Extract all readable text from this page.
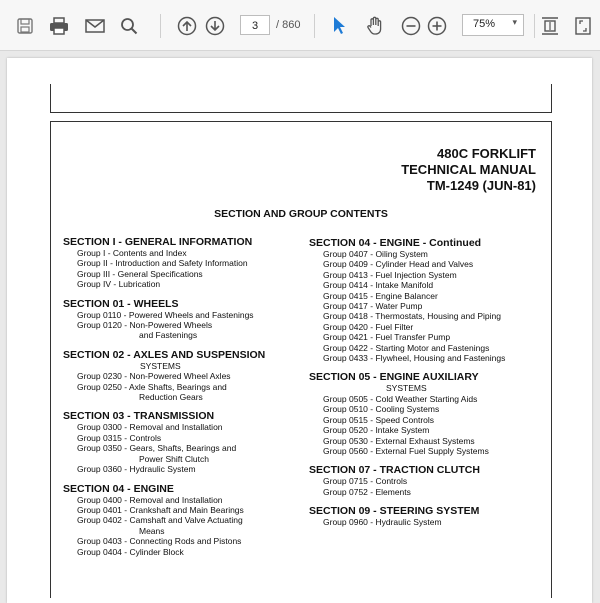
3	/ 860	75% ▾
480C FORKLIFT
TECHNICAL MANUAL
TM-1249 (JUN-81)
SECTION AND GROUP CONTENTS
SECTION I - GENERAL INFORMATION
Group I - Contents and Index
Group II - Introduction and Safety Information
Group III - General Specifications
Group IV - Lubrication
SECTION 01 - WHEELS
Group 0110 - Powered Wheels and Fastenings
Group 0120 - Non-Powered Wheels
and Fastenings
SECTION 02 - AXLES AND SUSPENSION
SYSTEMS
Group 0230 - Non-Powered Wheel Axles
Group 0250 - Axle Shafts, Bearings and
Reduction Gears
SECTION 03 - TRANSMISSION
Group 0300 - Removal and Installation
Group 0315 - Controls
Group 0350 - Gears, Shafts, Bearings and
Power Shift Clutch
Group 0360 - Hydraulic System
SECTION 04 - ENGINE
Group 0400 - Removal and Installation
Group 0401 - Crankshaft and Main Bearings
Group 0402 - Camshaft and Valve Actuating
Means
Group 0403 - Connecting Rods and Pistons
Group 0404 - Cylinder Block
SECTION 04 - ENGINE - Continued
Group 0407 - Oiling System
Group 0409 - Cylinder Head and Valves
Group 0413 - Fuel Injection System
Group 0414 - Intake Manifold
Group 0415 - Engine Balancer
Group 0417 - Water Pump
Group 0418 - Thermostats, Housing and Piping
Group 0420 - Fuel Filter
Group 0421 - Fuel Transfer Pump
Group 0422 - Starting Motor and Fastenings
Group 0433 - Flywheel, Housing and Fastenings
SECTION 05 - ENGINE AUXILIARY
SYSTEMS
Group 0505 - Cold Weather Starting Aids
Group 0510 - Cooling Systems
Group 0515 - Speed Controls
Group 0520 - Intake System
Group 0530 - External Exhaust Systems
Group 0560 - External Fuel Supply Systems
SECTION 07 - TRACTION CLUTCH
Group 0715 - Controls
Group 0752 - Elements
SECTION 09 - STEERING SYSTEM
Group 0960 - Hydraulic System
